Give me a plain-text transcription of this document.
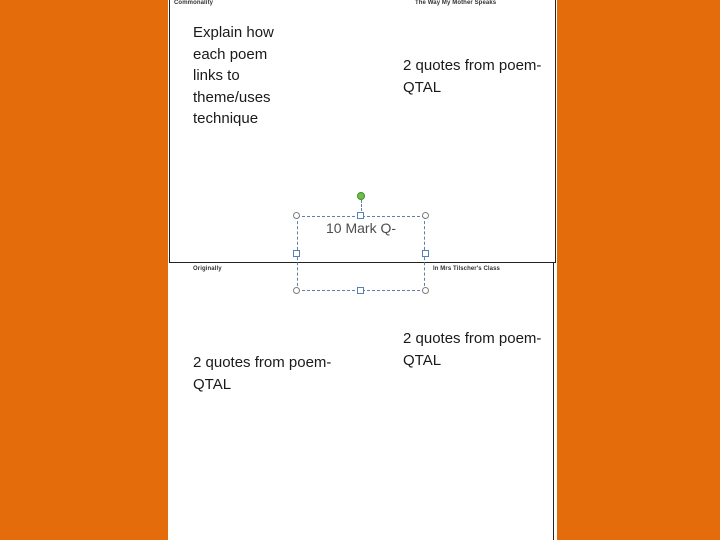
Commonality	The Way My Mother Speaks
Originally	In Mrs Tilscher's Class
Explain how each poem links to theme/uses technique
2 quotes from poem-QTAL
2 quotes from poem-QTAL
2 quotes from poem-QTAL
10 Mark Q-
